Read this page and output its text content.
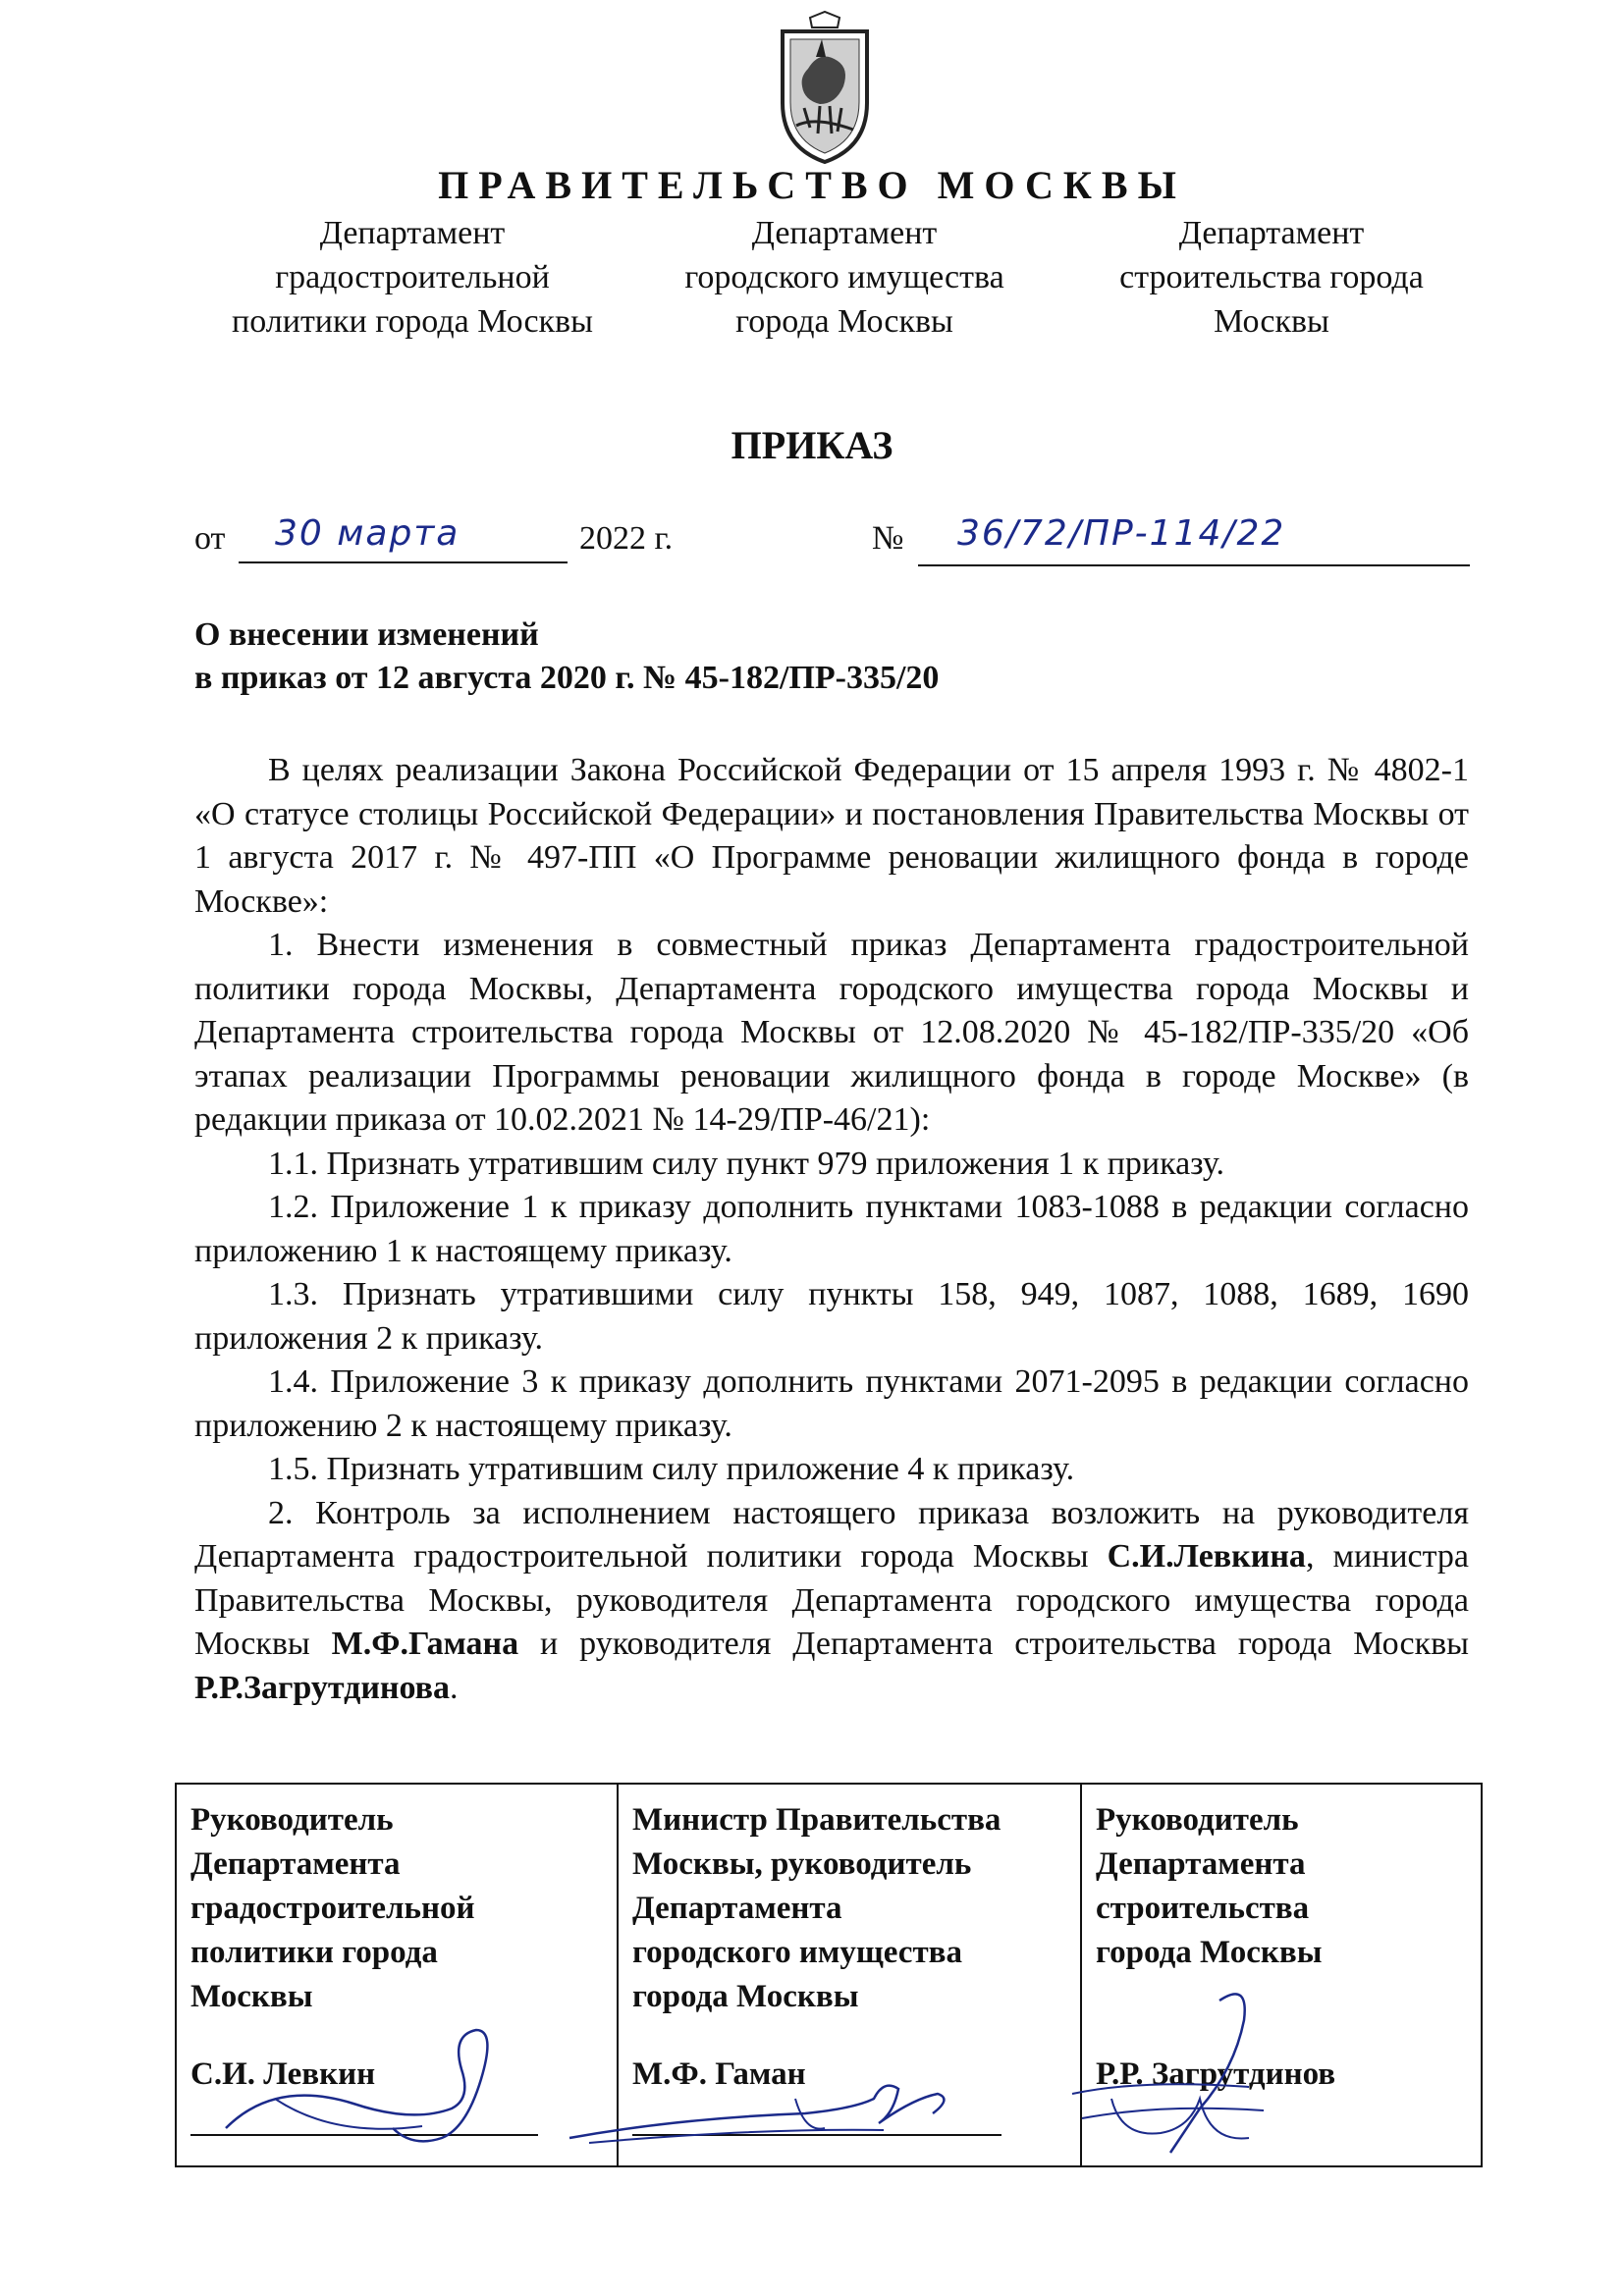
ПРАВИТЕЛЬСТВО МОСКВЫ
Департамент
градостроительной
политики города Москвы
Департамент
городского имущества
города Москвы
Департамент
строительства города
Москвы
ПРИКАЗ
от 30 марта	2022 г.	№ 36/72/ПР-114/22
О внесении изменений
в приказ от 12 августа 2020 г. № 45-182/ПР-335/20

В целях реализации Закона Российской Федерации от 15 апреля 1993 г. № 4802-1 «О статусе столицы Российской Федерации» и постановления Правительства Москвы от 1 августа 2017 г. № 497-ПП «О Программе реновации жилищного фонда в городе Москве»:

1. Внести изменения в совместный приказ Департамента градостроительной политики города Москвы, Департамента городского имущества города Москвы и Департамента строительства города Москвы от 12.08.2020 № 45-182/ПР-335/20 «Об этапах реализации Программы реновации жилищного фонда в городе Москве» (в редакции приказа от 10.02.2021 № 14-29/ПР-46/21):

1.1. Признать утратившим силу пункт 979 приложения 1 к приказу.

1.2. Приложение 1 к приказу дополнить пунктами 1083-1088 в редакции согласно приложению 1 к настоящему приказу.

1.3. Признать утратившими силу пункты 158, 949, 1087, 1088, 1689, 1690 приложения 2 к приказу.

1.4. Приложение 3 к приказу дополнить пунктами 2071-2095 в редакции согласно приложению 2 к настоящему приказу.

1.5. Признать утратившим силу приложение 4 к приказу.

2. Контроль за исполнением настоящего приказа возложить на руководителя Департамента градостроительной политики города Москвы С.И.Левкина, министра Правительства Москвы, руководителя Департамента городского имущества города Москвы М.Ф.Гамана и руководителя Департамента строительства города Москвы Р.Р.Загрутдинова.

Руководитель
Департамента
градостроительной
политики города
Москвы
С.И. Левкин
Министр Правительства
Москвы, руководитель
Департамента
городского имущества
города Москвы
М.Ф. Гаман
Руководитель
Департамента
строительства
города Москвы
Р.Р. Загрутдинов
